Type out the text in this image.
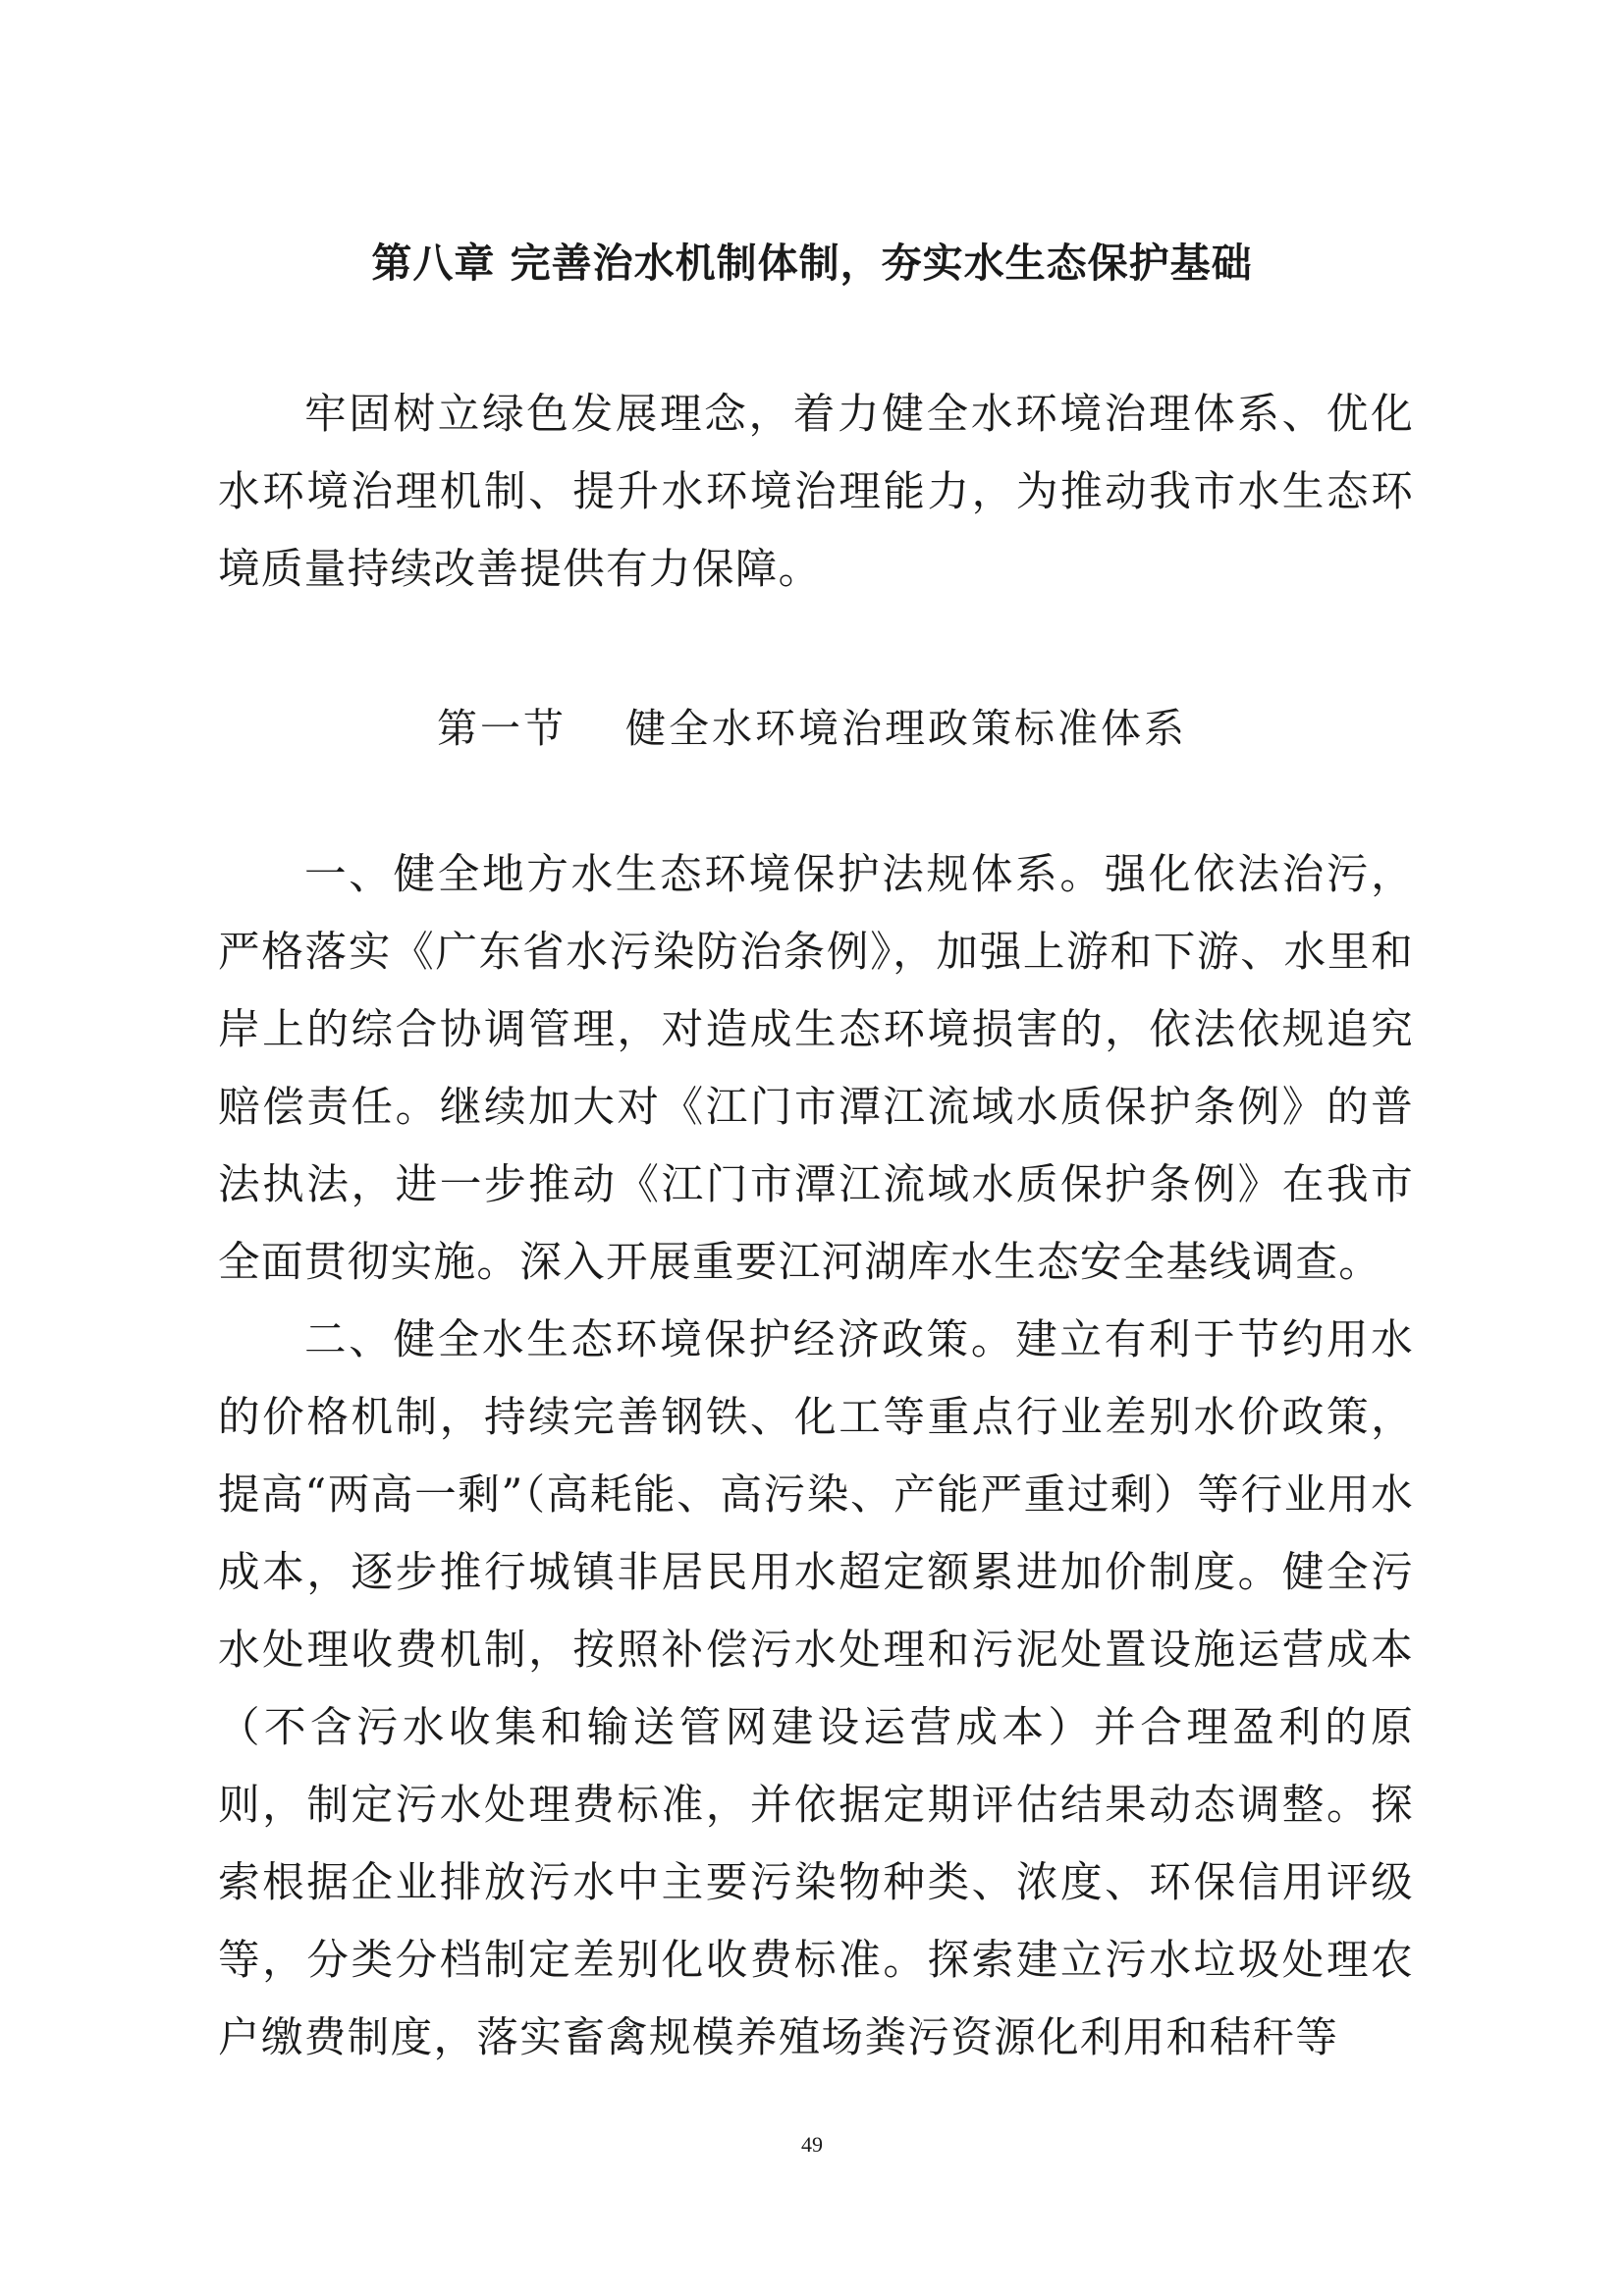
第八章 完善治水机制体制，夯实水生态保护基础

牢固树立绿色发展理念，着力健全水环境治理体系、优化水环境治理机制、提升水环境治理能力，为推动我市水生态环境质量持续改善提供有力保障。

第一节 健全水环境治理政策标准体系

一、健全地方水生态环境保护法规体系。强化依法治污，严格落实《广东省水污染防治条例》，加强上游和下游、水里和岸上的综合协调管理，对造成生态环境损害的，依法依规追究赔偿责任。继续加大对《江门市潭江流域水质保护条例》的普法执法，进一步推动《江门市潭江流域水质保护条例》在我市全面贯彻实施。深入开展重要江河湖库水生态安全基线调查。

二、健全水生态环境保护经济政策。建立有利于节约用水的价格机制，持续完善钢铁、化工等重点行业差别水价政策，提高“两高一剩”（高耗能、高污染、产能严重过剩）等行业用水成本，逐步推行城镇非居民用水超定额累进加价制度。健全污水处理收费机制，按照补偿污水处理和污泥处置设施运营成本（不含污水收集和输送管网建设运营成本）并合理盈利的原则，制定污水处理费标准，并依据定期评估结果动态调整。探索根据企业排放污水中主要污染物种类、浓度、环保信用评级等，分类分档制定差别化收费标准。探索建立污水垃圾处理农户缴费制度，落实畜禽规模养殖场粪污资源化利用和秸秆等

49
